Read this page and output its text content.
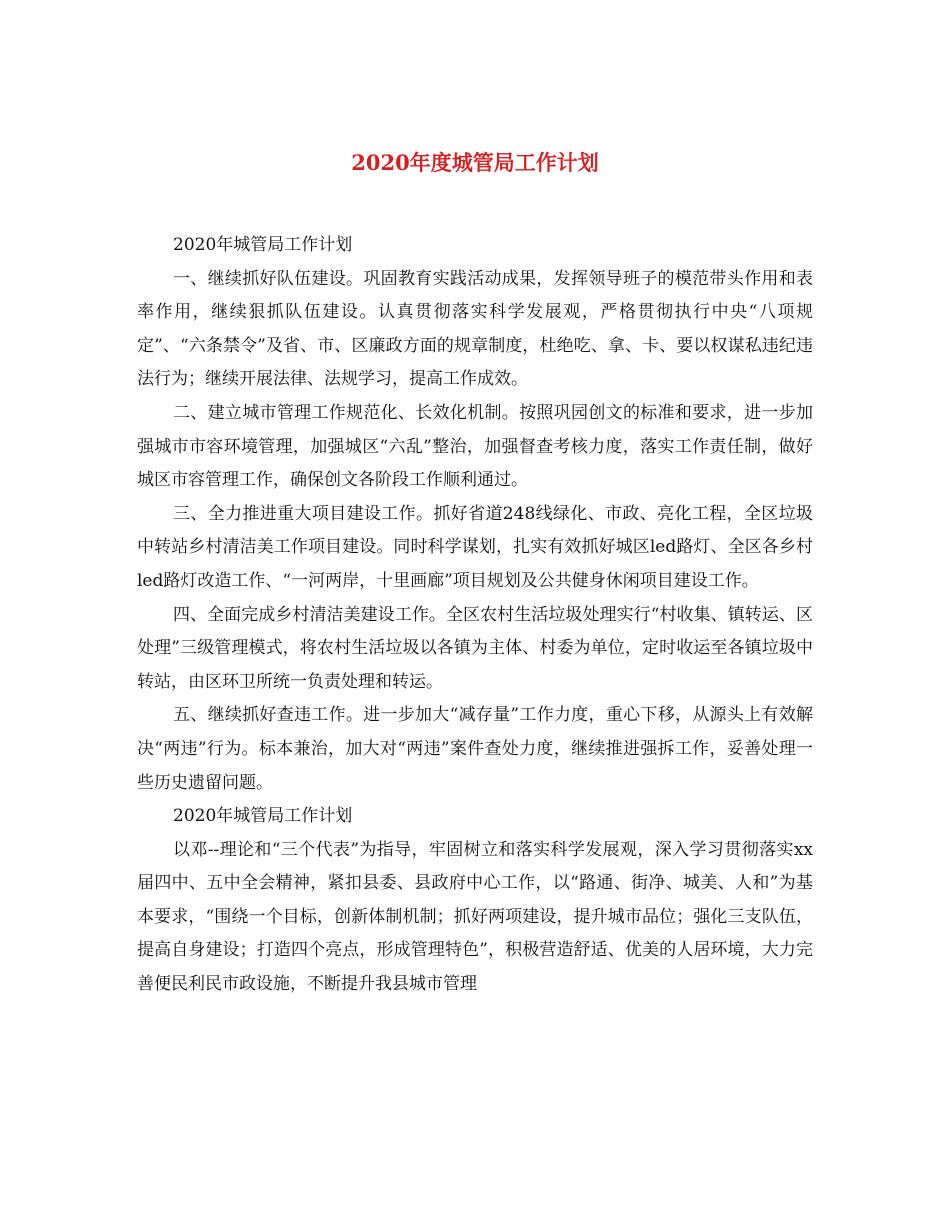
2020年度城管局工作计划

2020年城管局工作计划

一、继续抓好队伍建设。巩固教育实践活动成果，发挥领导班子的模范带头作用和表率作用，继续狠抓队伍建设。认真贯彻落实科学发展观，严格贯彻执行中央“八项规定”、“六条禁令”及省、市、区廉政方面的规章制度，杜绝吃、拿、卡、要以权谋私违纪违法行为；继续开展法律、法规学习，提高工作成效。

二、建立城市管理工作规范化、长效化机制。按照巩园创文的标准和要求，进一步加强城市市容环境管理，加强城区“六乱”整治，加强督查考核力度，落实工作责任制，做好城区市容管理工作，确保创文各阶段工作顺利通过。

三、全力推进重大项目建设工作。抓好省道248线绿化、市政、亮化工程，全区垃圾中转站乡村清洁美工作项目建设。同时科学谋划，扎实有效抓好城区led路灯、全区各乡村led路灯改造工作、“一河两岸，十里画廊”项目规划及公共健身休闲项目建设工作。

四、全面完成乡村清洁美建设工作。全区农村生活垃圾处理实行“村收集、镇转运、区处理”三级管理模式，将农村生活垃圾以各镇为主体、村委为单位，定时收运至各镇垃圾中转站，由区环卫所统一负责处理和转运。

五、继续抓好查违工作。进一步加大“减存量”工作力度，重心下移，从源头上有效解决“两违”行为。标本兼治，加大对“两违”案件查处力度，继续推进强拆工作，妥善处理一些历史遗留问题。

2020年城管局工作计划

以邓--理论和“三个代表”为指导，牢固树立和落实科学发展观，深入学习贯彻落实xx届四中、五中全会精神，紧扣县委、县政府中心工作，以“路通、街净、城美、人和”为基本要求，“围绕一个目标，创新体制机制；抓好两项建设，提升城市品位；强化三支队伍，提高自身建设；打造四个亮点，形成管理特色”，积极营造舒适、优美的人居环境，大力完善便民利民市政设施，不断提升我县城市管理
